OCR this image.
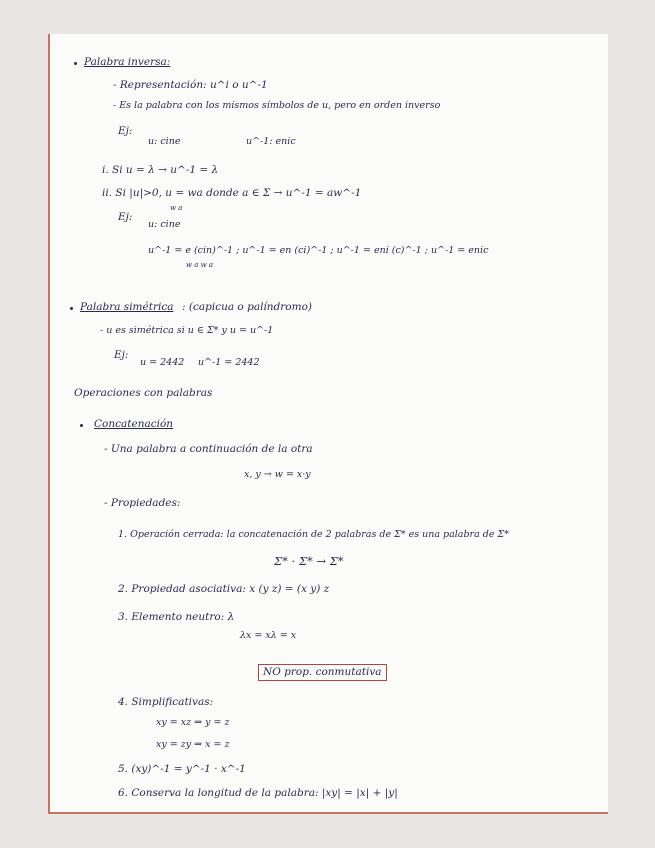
Palabra inversa:
- Representación: u^i o u^-1
- Es la palabra con los mismos símbolos de u, pero en orden inverso
Ej:
u: cine	u^-1: enic
i. Si u = λ → u^-1 = λ
ii. Si |u|>0, u = wa donde a ∈ Σ → u^-1 = aw^-1
Ej:
w a
u: cine
u^-1 = e (cin)^-1 ; u^-1 = en (ci)^-1 ; u^-1 = eni (c)^-1 ; u^-1 = enic
w a w a
Palabra simétrica : (capicua o palíndromo)
- u es simétrica si u ∈ Σ* y u = u^-1
Ej:
u = 2442 u^-1 = 2442
Operaciones con palabras
Concatenación
- Una palabra a continuación de la otra
x, y → w = x·y
- Propiedades:
1. Operación cerrada: la concatenación de 2 palabras de Σ* es una palabra de Σ*
Σ* · Σ* → Σ*
2. Propiedad asociativa: x (y z) = (x y) z
3. Elemento neutro: λ
λx = xλ = x
NO prop. conmutativa
4. Simplificativas:
xy = xz ⇒ y = z
xy = zy ⇒ x = z
5. (xy)^-1 = y^-1 · x^-1
6. Conserva la longitud de la palabra: |xy| = |x| + |y|
